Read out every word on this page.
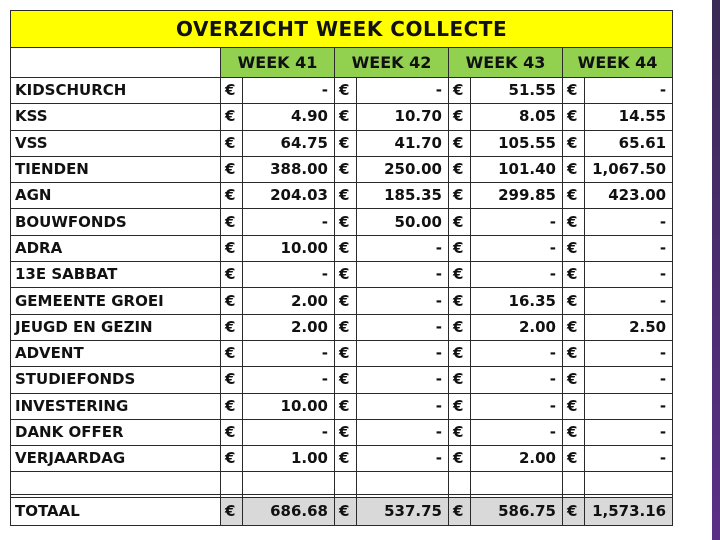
OVERZICHT WEEK COLLECTE								
	WEEK 41		WEEK 42		WEEK 43		WEEK 44	
KIDSCHURCH	€	-	€	-	€	51.55	€	-
KSS	€	4.90	€	10.70	€	8.05	€	14.55
VSS	€	64.75	€	41.70	€	105.55	€	65.61
TIENDEN	€	388.00	€	250.00	€	101.40	€	1,067.50
AGN	€	204.03	€	185.35	€	299.85	€	423.00
BOUWFONDS	€	-	€	50.00	€	-	€	-
ADRA	€	10.00	€	-	€	-	€	-
13E SABBAT	€	-	€	-	€	-	€	-
GEMEENTE GROEI	€	2.00	€	-	€	16.35	€	-
JEUGD EN GEZIN	€	2.00	€	-	€	2.00	€	2.50
ADVENT	€	-	€	-	€	-	€	-
STUDIEFONDS	€	-	€	-	€	-	€	-
INVESTERING	€	10.00	€	-	€	-	€	-
DANK OFFER	€	-	€	-	€	-	€	-
VERJAARDAG	€	1.00	€	-	€	2.00	€	-

TOTAAL	€	686.68	€	537.75	€	586.75	€	1,573.16
